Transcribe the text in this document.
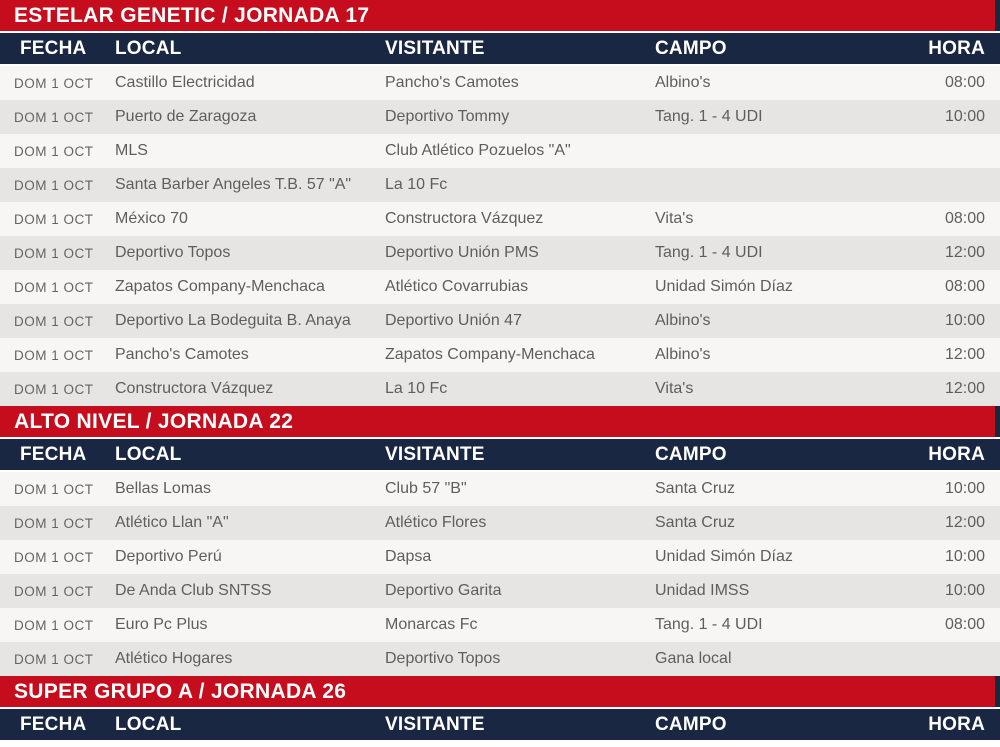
ESTELAR GENETIC / JORNADA 17
FECHA	LOCAL	VISITANTE	CAMPO	HORA
DOM 1 OCT	Castillo Electricidad	Pancho's Camotes	Albino's	08:00
DOM 1 OCT	Puerto de Zaragoza	Deportivo Tommy	Tang. 1 - 4 UDI	10:00
DOM 1 OCT	MLS	Club Atlético Pozuelos "A"
DOM 1 OCT	Santa Barber Angeles T.B. 57 "A"	La 10 Fc
DOM 1 OCT	México 70	Constructora Vázquez	Vita's	08:00
DOM 1 OCT	Deportivo Topos	Deportivo Unión PMS	Tang. 1 - 4 UDI	12:00
DOM 1 OCT	Zapatos Company-Menchaca	Atlético Covarrubias	Unidad Simón Díaz	08:00
DOM 1 OCT	Deportivo La Bodeguita B. Anaya	Deportivo Unión 47	Albino's	10:00
DOM 1 OCT	Pancho's Camotes	Zapatos Company-Menchaca	Albino's	12:00
DOM 1 OCT	Constructora Vázquez	La 10 Fc	Vita's	12:00
ALTO NIVEL / JORNADA 22
FECHA	LOCAL	VISITANTE	CAMPO	HORA
DOM 1 OCT	Bellas Lomas	Club 57 "B"	Santa Cruz	10:00
DOM 1 OCT	Atlético Llan "A"	Atlético Flores	Santa Cruz	12:00
DOM 1 OCT	Deportivo Perú	Dapsa	Unidad Simón Díaz	10:00
DOM 1 OCT	De Anda Club SNTSS	Deportivo Garita	Unidad IMSS	10:00
DOM 1 OCT	Euro Pc Plus	Monarcas Fc	Tang. 1 - 4 UDI	08:00
DOM 1 OCT	Atlético Hogares	Deportivo Topos	Gana local
SUPER GRUPO A / JORNADA 26
FECHA	LOCAL	VISITANTE	CAMPO	HORA
